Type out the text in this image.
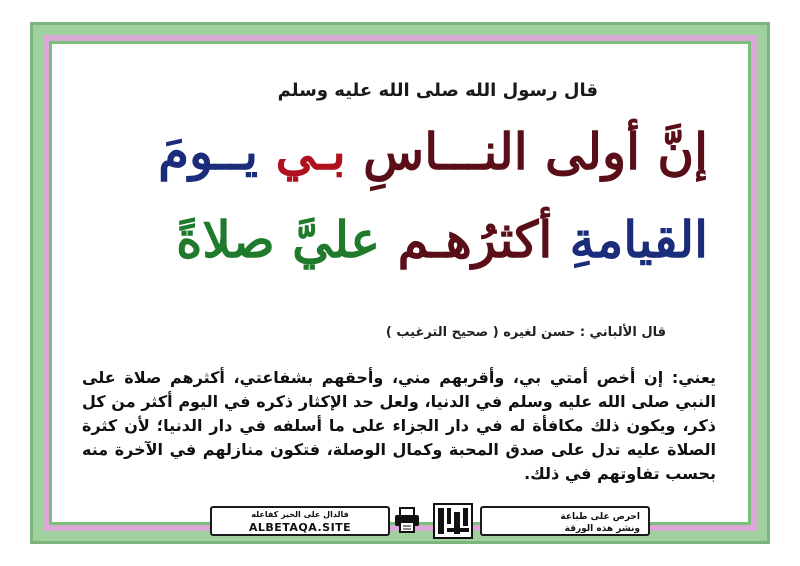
قال رسول الله صلى الله عليه وسلم
إنَّ أولى النـــاسِ بـي يــومَ
القيامةِ أكثرُهـم عليَّ صلاةً
قال الألباني : حسن لغيره ( صحيح الترغيب )
يعني: إن أخص أمتي بي، وأقربهم مني، وأحقهم بشفاعتي، أكثرهم صلاة على النبي صلى الله عليه وسلم في الدنيا، ولعل حد الإكثار ذكره في اليوم أكثر من كل ذكر، ويكون ذلك مكافأة له في دار الجزاء على ما أسلفه في دار الدنيا؛ لأن كثرة الصلاة عليه تدل على صدق المحبة وكمال الوصلة، فتكون منازلهم في الآخرة منه بحسب تفاوتهم في ذلك.
فالدال على الخير كفاعله
ALBETAQA.SITE
احرص على طباعة
ونشر هذه الورقة
